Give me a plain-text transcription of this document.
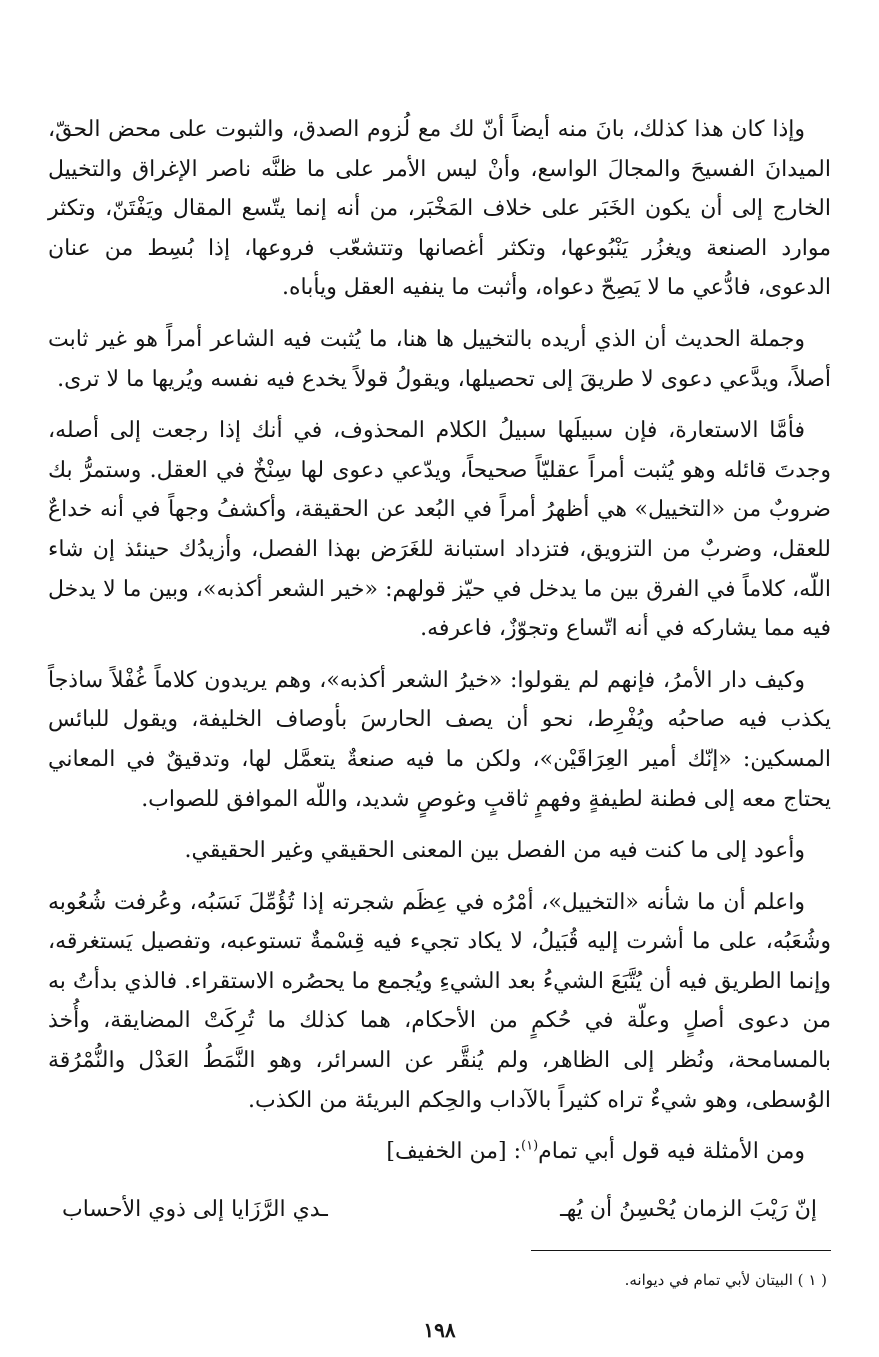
وإذا كان هذا كذلك، بانَ منه أيضاً أنّ لك مع لُزوم الصدق، والثبوت على محض الحقّ، الميدانَ الفسيحَ والمجالَ الواسع، وأنْ ليس الأمر على ما ظنَّه ناصر الإغراق والتخييل الخارج إلى أن يكون الخَبَر على خلاف المَخْبَر، من أنه إنما يتّسع المقال ويَفْتَنّ، وتكثر موارد الصنعة ويغزُر يَنْبُوعها، وتكثر أغصانها وتتشعّب فروعها، إذا بُسِط من عنان الدعوى، فادُّعي ما لا يَصِحّ دعواه، وأثبت ما ينفيه العقل ويأباه.

وجملة الحديث أن الذي أريده بالتخييل ها هنا، ما يُثبت فيه الشاعر أمراً هو غير ثابت أصلاً، ويدَّعي دعوى لا طريقَ إلى تحصيلها، ويقولُ قولاً يخدع فيه نفسه ويُريها ما لا ترى.

فأمَّا الاستعارة، فإن سبيلَها سبيلُ الكلام المحذوف، في أنك إذا رجعت إلى أصله، وجدتَ قائله وهو يُثبت أمراً عقليّاً صحيحاً، ويدّعي دعوى لها سِنْخٌ في العقل. وستمرُّ بك ضروبٌ من «التخييل» هي أظهرُ أمراً في البُعد عن الحقيقة، وأكشفُ وجهاً في أنه خداعٌ للعقل، وضربٌ من التزويق، فتزداد استبانة للغَرَض بهذا الفصل، وأزيدُك حينئذ إن شاء اللّه، كلاماً في الفرق بين ما يدخل في حيّز قولهم: «خير الشعر أكذبه»، وبين ما لا يدخل فيه مما يشاركه في أنه اتّساع وتجوّزٌ، فاعرفه.

وكيف دار الأمرُ، فإنهم لم يقولوا: «خيرُ الشعر أكذبه»، وهم يريدون كلاماً غُفْلاً ساذجاً يكذب فيه صاحبُه ويُفْرِط، نحو أن يصف الحارسَ بأوصاف الخليفة، ويقول للبائس المسكين: «إنّك أمير العِرَاقَيْن»، ولكن ما فيه صنعةٌ يتعمَّل لها، وتدقيقٌ في المعاني يحتاج معه إلى فطنة لطيفةٍ وفهمٍ ثاقبٍ وغوصٍ شديد، واللّه الموافق للصواب.

وأعود إلى ما كنت فيه من الفصل بين المعنى الحقيقي وغير الحقيقي.

واعلم أن ما شأنه «التخييل»، أمْرُه في عِظَم شجرته إذا تُؤُمِّلَ نَسَبُه، وعُرفت شُعُوبه وشُعَبُه، على ما أشرت إليه قُبَيلُ، لا يكاد تجيء فيه قِسْمةٌ تستوعبه، وتفصيل يَستغرقه، وإنما الطريق فيه أن يُتَّبَعَ الشيءُ بعد الشيءِ ويُجمع ما يحصُره الاستقراء. فالذي بدأتُ به من دعوى أصلٍ وعلّة في حُكمٍ من الأحكام، هما كذلك ما تُرِكَتْ المضايقة، وأُخذ بالمسامحة، ونُظر إلى الظاهر، ولم يُنقَّر عن السرائر، وهو النَّمَطُ العَدْل والنُّمْرُقة الوُسطى، وهو شيءٌ تراه كثيراً بالآداب والحِكم البريئة من الكذب.

ومن الأمثلة فيه قول أبي تمام$^{(١)}$: [من الخفيف]

إنّ رَيْبَ الزمان يُحْسِنُ أن يُهـ
ـدي الرَّزَايا إلى ذوي الأحساب
( ١ ) البيتان لأبي تمام في ديوانه.
١٩٨
